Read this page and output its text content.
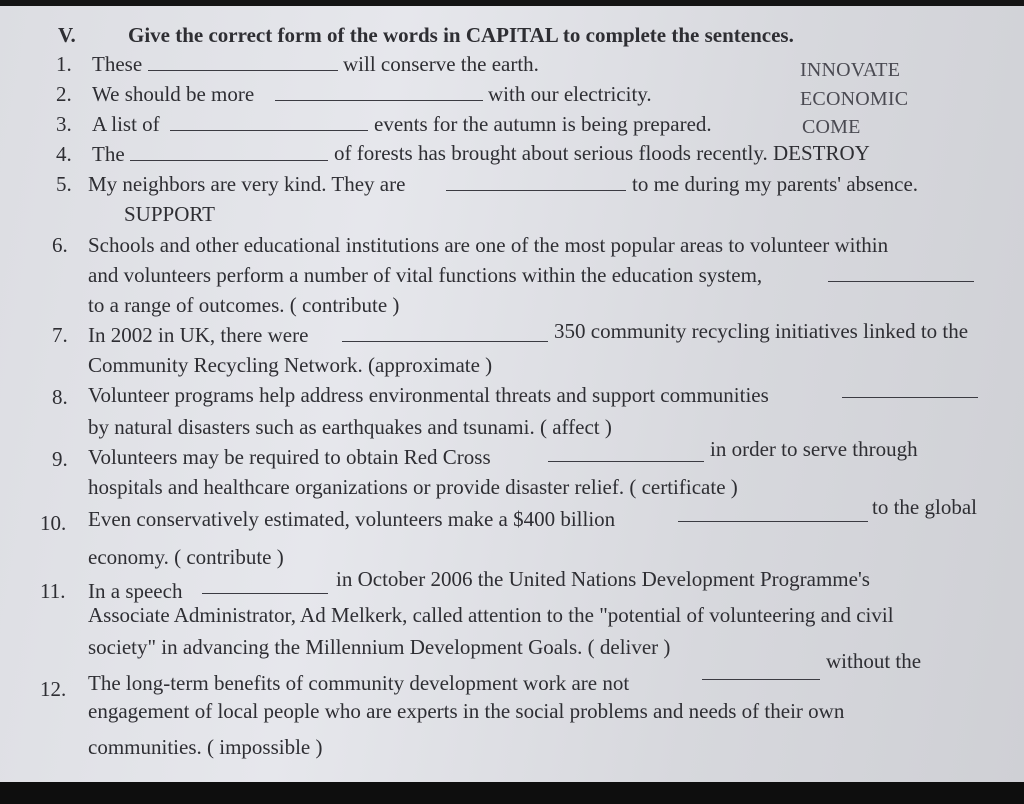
V. Give the correct form of the words in CAPITAL to complete the sentences.
1. These	will conserve the earth.	INNOVATE
2. We should be more	with our electricity.	ECONOMIC
3. A list of	events for the autumn is being prepared.	COME
4. The	of forests has brought about serious floods recently. DESTROY
5. My neighbors are very kind. They are	to me during my parents' absence.
SUPPORT
6. Schools and other educational institutions are one of the most popular areas to volunteer within
and volunteers perform a number of vital functions within the education system,
to a range of outcomes. ( contribute )
7. In 2002 in UK, there were	350 community recycling initiatives linked to the
Community Recycling Network. (approximate )
8. Volunteer programs help address environmental threats and support communities
by natural disasters such as earthquakes and tsunami. ( affect )
9. Volunteers may be required to obtain Red Cross	in order to serve through
hospitals and healthcare organizations or provide disaster relief. ( certificate )
10. Even conservatively estimated, volunteers make a $400 billion	to the global
economy. ( contribute )
11. In a speech	in October 2006 the United Nations Development Programme's
Associate Administrator, Ad Melkerk, called attention to the "potential of volunteering and civil
society" in advancing the Millennium Development Goals. ( deliver )
12. The long-term benefits of community development work are not
without the
engagement of local people who are experts in the social problems and needs of their own
communities. ( impossible )
